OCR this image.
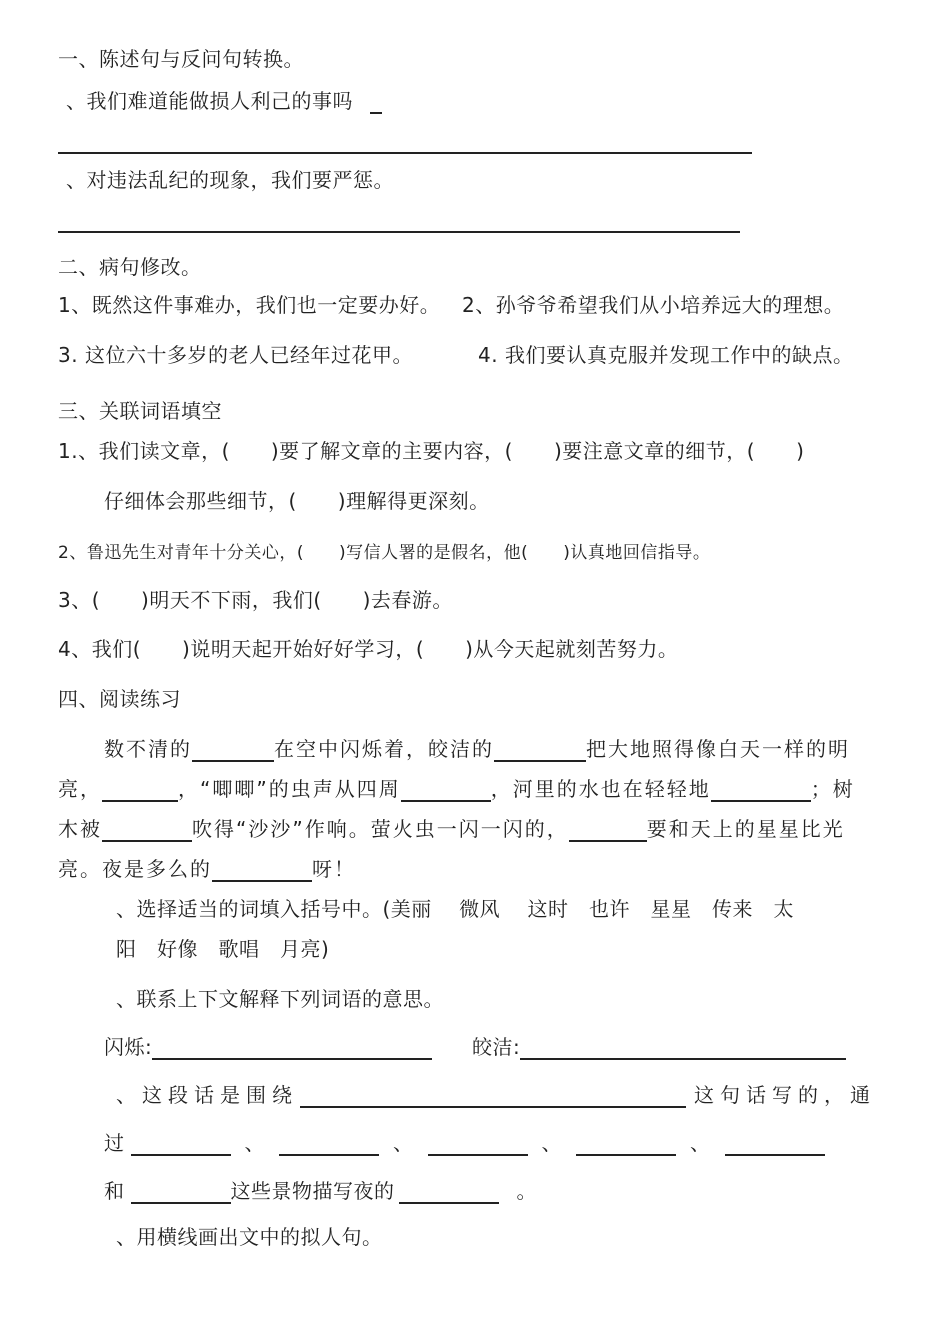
一、陈述句与反问句转换。
、我们难道能做损人利己的事吗
、对违法乱纪的现象，我们要严惩。
二、病句修改。
1、既然这件事难办，我们也一定要办好。 2、孙爷爷希望我们从小培养远大的理想。
3. 这位六十多岁的老人已经年过花甲。	4. 我们要认真克服并发现工作中的缺点。
三、关联词语填空
1.、我们读文章，(　　)要了解文章的主要内容，(　　)要注意文章的细节，(　　)
仔细体会那些细节，(　　)理解得更深刻。
2、鲁迅先生对青年十分关心，(　　)写信人署的是假名，他(　　)认真地回信指导。
3、(　　)明天不下雨，我们(　　)去春游。
4、我们(　　)说明天起开始好好学习，(　　)从今天起就刻苦努力。
四、阅读练习
数不清的	在空中闪烁着，皎洁的	把大地照得像白天一样的明
亮，	，“唧唧”的虫声从四周	，河里的水也在轻轻地	；树
木被	吹得“沙沙”作响。萤火虫一闪一闪的，	要和天上的星星比光
亮。夜是多么的	呀！
、选择适当的词填入括号中。(美丽　 微风　 这时　也许　星星　传来　太
阳　好像　歌唱　月亮)
、联系上下文解释下列词语的意思。
闪烁:	皎洁:
、这段话是围绕	这句话写的，通
过	、	、	、	、
和	这些景物描写夜的	。
、用横线画出文中的拟人句。
